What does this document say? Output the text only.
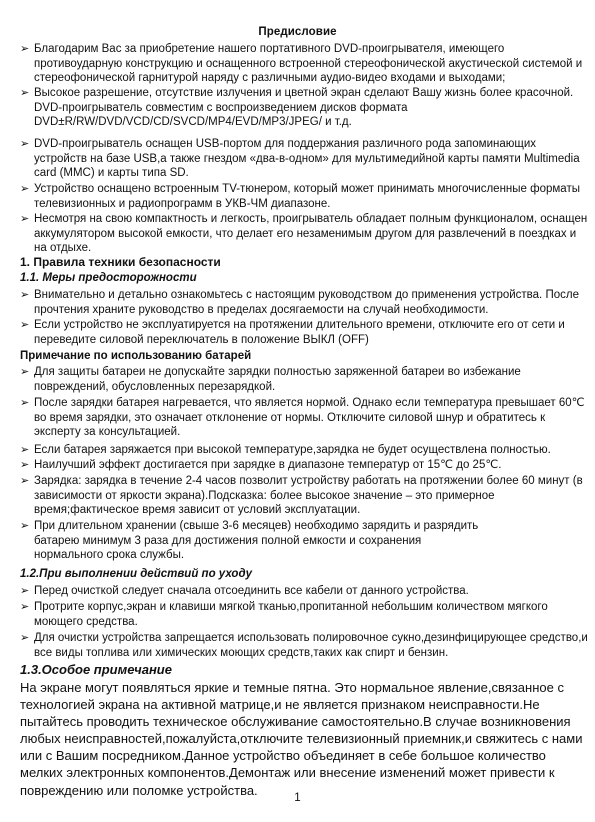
Предисловие
➢ Благодарим Вас за приобретение нашего портативного DVD-проигрывателя, имеющего противоударную конструкцию и оснащенного встроенной стереофонической акустической системой и стереофонической гарнитурой наряду с различными аудио-видео входами и выходами;
➢ Высокое разрешение, отсутствие излучения и цветной экран сделают Вашу жизнь более красочной. DVD-проигрыватель совместим с воспроизведением дисков формата DVD±R/RW/DVD/VCD/CD/SVCD/MP4/EVD/MP3/JPEG/ и т.д.
➢ DVD-проигрыватель оснащен USB-портом для поддержания различного рода запоминающих устройств на базе USB,а также гнездом «два-в-одном» для мультимедийной карты памяти Multimedia card (MMC) и карты типа SD.
➢ Устройство оснащено встроенным TV-тюнером, который может принимать многочисленные форматы телевизионных и радиопрограмм в УКВ-ЧМ диапазоне.
➢ Несмотря на свою компактность и легкость, проигрыватель обладает полным функционалом, оснащен аккумулятором высокой емкости, что делает его незаменимым другом для развлечений в поездках и на отдыхе.
1. Правила техники безопасности
1.1. Меры предосторожности
➢ Внимательно и детально ознакомьтесь с настоящим руководством до применения устройства. После прочтения храните руководство в пределах досягаемости на случай необходимости.
➢ Если устройство не эксплуатируется на протяжении длительного времени, отключите его от сети и переведите силовой переключатель в положение ВЫКЛ (OFF)
Примечание по использованию батарей
➢ Для защиты батареи не допускайте зарядки полностью заряженной батареи во избежание повреждений, обусловленных перезарядкой.
➢ После зарядки батарея нагревается, что является нормой. Однако если температура превышает 60℃ во время зарядки, это означает отклонение от нормы. Отключите силовой шнур и обратитесь к эксперту за консультацией.
➢ Если батарея заряжается при высокой температуре,зарядка не будет осуществлена полностью.
➢ Наилучший эффект достигается при зарядке в диапазоне температур от 15℃ до 25℃.
➢ Зарядка: зарядка в течение 2-4 часов позволит устройству работать на протяжении более 60 минут (в зависимости от яркости экрана).Подсказка: более высокое значение – это примерное время;фактическое время зависит от условий эксплуатации.
➢ При длительном хранении (свыше 3-6 месяцев) необходимо зарядить и разрядить батарею минимум 3 раза для достижения полной емкости и сохранения нормального срока службы.
1.2.При выполнении действий по уходу
➢ Перед очисткой следует сначала отсоединить все кабели от данного устройства.
➢ Протрите корпус,экран и клавиши мягкой тканью,пропитанной небольшим количеством мягкого моющего средства.
➢ Для очистки устройства запрещается использовать полировочное сукно,дезинфицирующее средство,и все виды топлива или химических моющих средств,таких как спирт и бензин.
1.3.Особое примечание
На экране могут появляться яркие и темные пятна. Это нормальное явление,связанное с технологией экрана на активной матрице,и не является признаком неисправности.Не пытайтесь проводить техническое обслуживание самостоятельно.В случае возникновения любых неисправностей,пожалуйста,отключите телевизионный приемник,и свяжитесь с нами или с Вашим посредником.Данное устройство объединяет в себе большое количество мелких электронных компонентов.Демонтаж или внесение изменений может привести к повреждению или поломке устройства.
1
